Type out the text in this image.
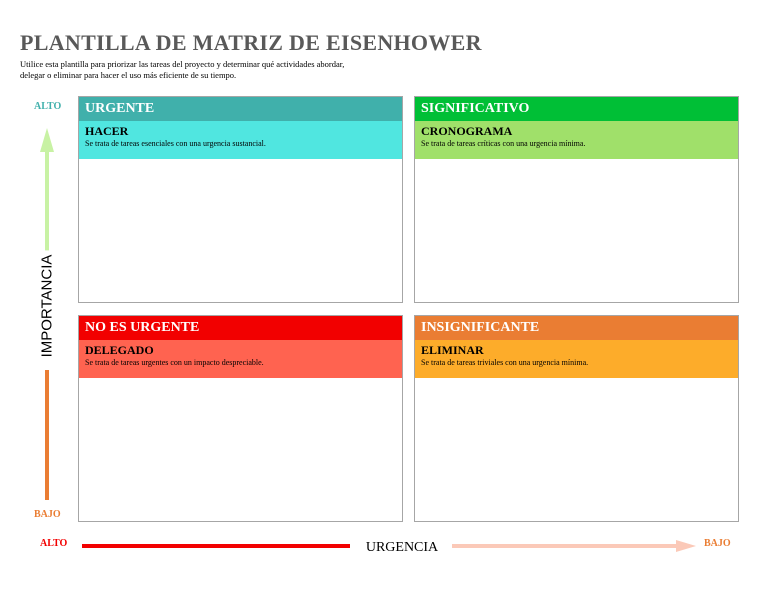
PLANTILLA DE MATRIZ DE EISENHOWER
Utilice esta plantilla para priorizar las tareas del proyecto y determinar qué actividades abordar,
delegar o eliminar para hacer el uso más eficiente de su tiempo.
ALTO
BAJO
IMPORTANCIA
ALTO	BAJO
URGENCIA
URGENTE
HACER
Se trata de tareas esenciales con una urgencia sustancial.
SIGNIFICATIVO
CRONOGRAMA
Se trata de tareas críticas con una urgencia mínima.
NO ES URGENTE
DELEGADO
Se trata de tareas urgentes con un impacto despreciable.
INSIGNIFICANTE
ELIMINAR
Se trata de tareas triviales con una urgencia mínima.
